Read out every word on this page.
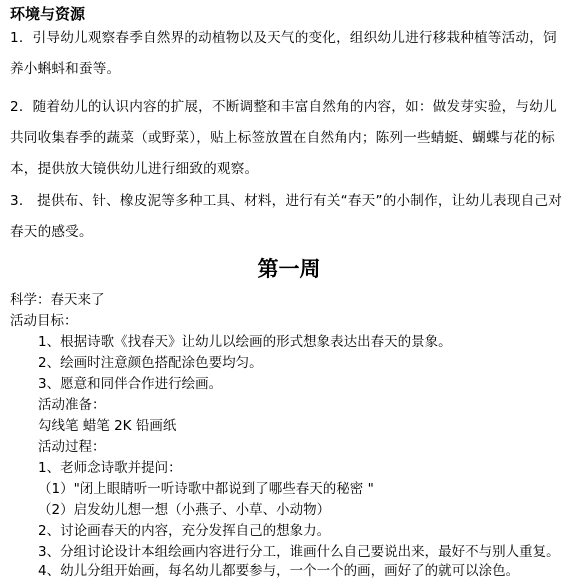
环境与资源

1．引导幼儿观察春季自然界的动植物以及天气的变化，组织幼儿进行移栽种植等活动，饲养小蝌蚪和蚕等。

2．随着幼儿的认识内容的扩展，不断调整和丰富自然角的内容，如：做发芽实验，与幼儿共同收集春季的蔬菜（或野菜），贴上标签放置在自然角内；陈列一些蜻蜓、蝴蝶与花的标本，提供放大镜供幼儿进行细致的观察。

3． 提供布、针、橡皮泥等多种工具、材料，进行有关“春天”的小制作，让幼儿表现自己对春天的感受。

第一周
科学：春天来了
活动目标：
1、根据诗歌《找春天》让幼儿以绘画的形式想象表达出春天的景象。
2、绘画时注意颜色搭配涂色要均匀。
3、愿意和同伴合作进行绘画。
活动准备：
勾线笔 蜡笔 2K 铅画纸
活动过程：
1、老师念诗歌并提问：
（1）"闭上眼睛听一听诗歌中都说到了哪些春天的秘密 "
（2）启发幼儿想一想（小燕子、小草、小动物）
2、讨论画春天的内容，充分发挥自己的想象力。
3、分组讨论设计本组绘画内容进行分工，谁画什么自己要说出来，最好不与别人重复。
4、幼儿分组开始画，每名幼儿都要参与，一个一个的画，画好了的就可以涂色。
